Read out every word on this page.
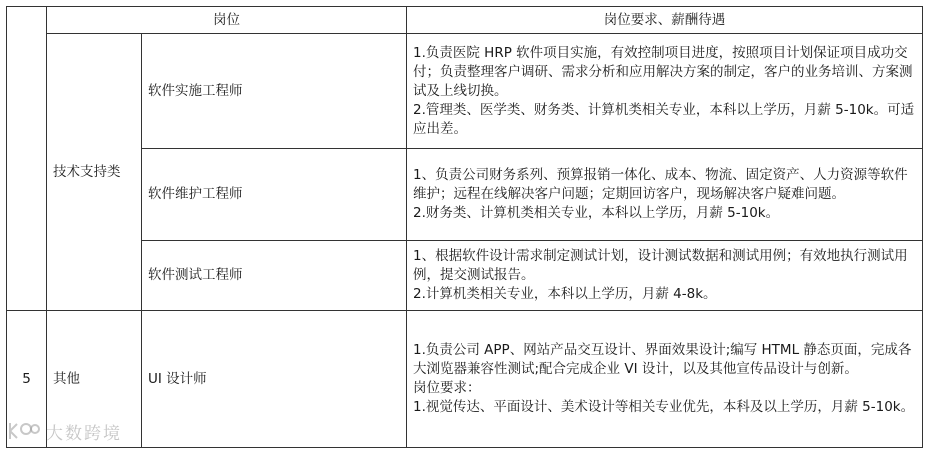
	岗位		岗位要求、薪酬待遇
	技术支持类	软件实施工程师	1.负责医院 HRP 软件项目实施，有效控制项目进度，按照项目计划保证项目成功交付；负责整理客户调研、需求分析和应用解决方案的制定，客户的业务培训、方案测试及上线切换。

2.管理类、医学类、财务类、计算机类相关专业，本科以上学历，月薪 5-10k。可适应出差。

		软件维护工程师	1、负责公司财务系列、预算报销一体化、成本、物流、固定资产、人力资源等软件维护；远程在线解决客户问题；定期回访客户，现场解决客户疑难问题。

2.财务类、计算机类相关专业，本科以上学历，月薪 5-10k。

		软件测试工程师	1、根据软件设计需求制定测试计划，设计测试数据和测试用例；有效地执行测试用例，提交测试报告。

2.计算机类相关专业，本科以上学历，月薪 4-8k。

5	其他	UI 设计师	1.负责公司 APP、网站产品交互设计、界面效果设计;编写 HTML 静态页面，完成各大浏览器兼容性测试;配合完成企业 VI 设计，以及其他宣传品设计与创新。

岗位要求：

1.视觉传达、平面设计、美术设计等相关专业优先，本科及以上学历，月薪 5-10k。

大数跨境
